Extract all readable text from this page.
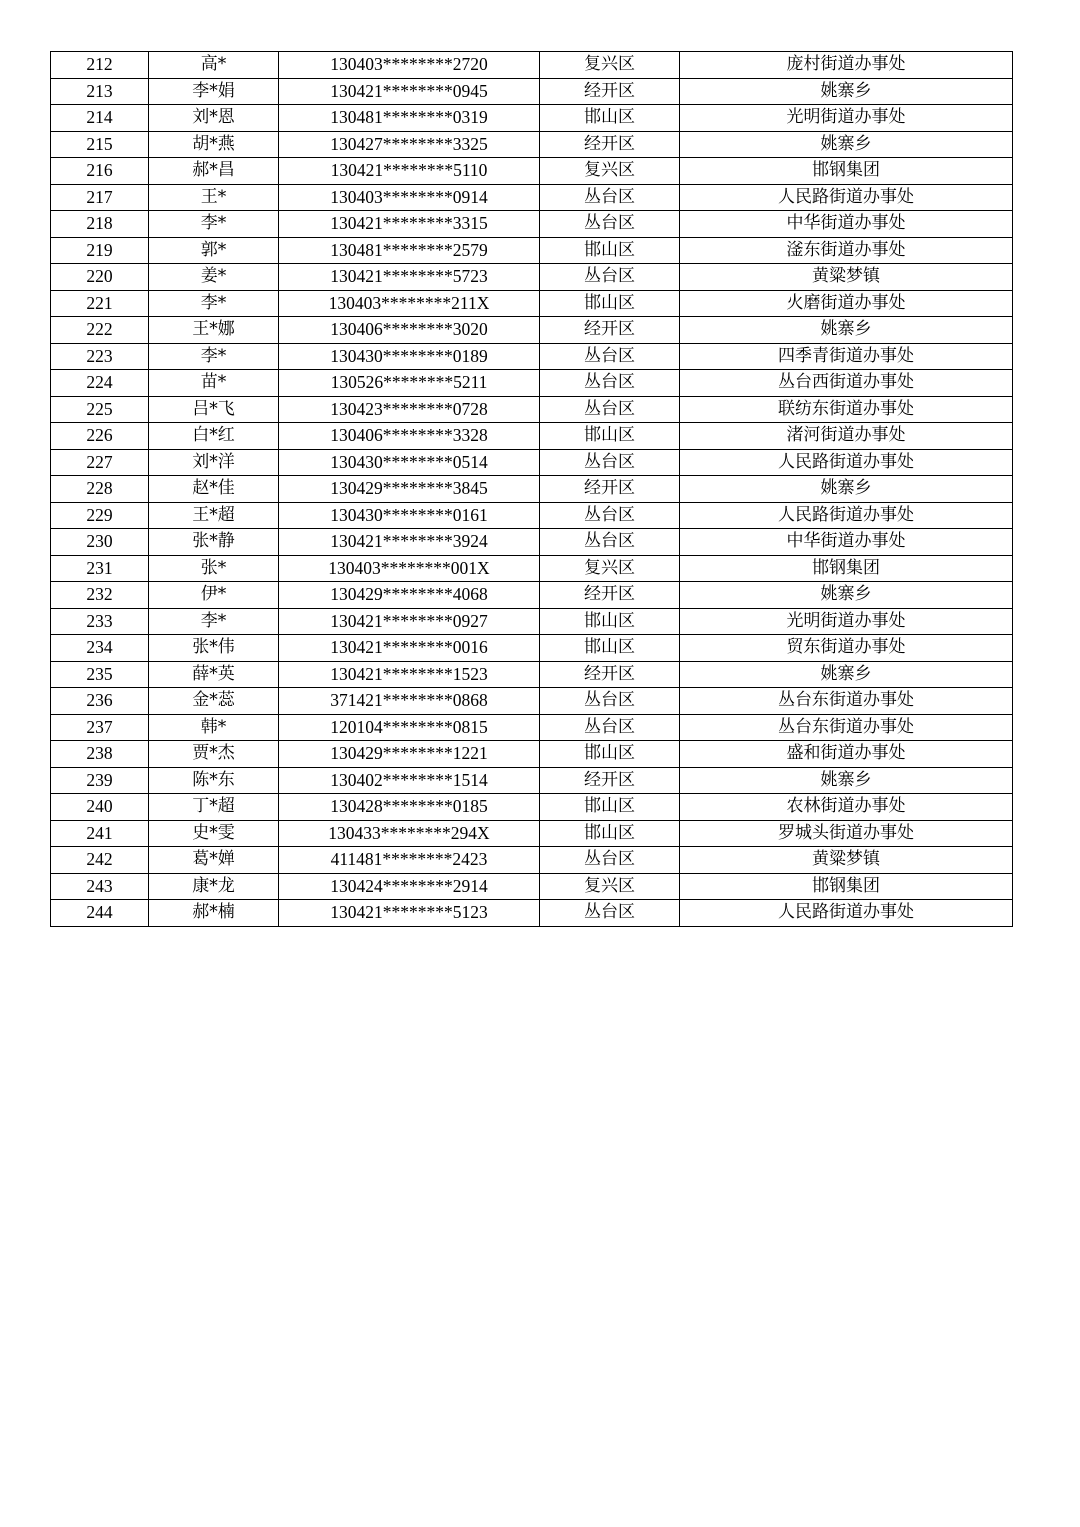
212	高*	130403********2720	复兴区	庞村街道办事处
213	李*娟	130421********0945	经开区	姚寨乡
214	刘*恩	130481********0319	邯山区	光明街道办事处
215	胡*燕	130427********3325	经开区	姚寨乡
216	郝*昌	130421********5110	复兴区	邯钢集团
217	王*	130403********0914	丛台区	人民路街道办事处
218	李*	130421********3315	丛台区	中华街道办事处
219	郭*	130481********2579	邯山区	滏东街道办事处
220	姜*	130421********5723	丛台区	黄粱梦镇
221	李*	130403********211X	邯山区	火磨街道办事处
222	王*娜	130406********3020	经开区	姚寨乡
223	李*	130430********0189	丛台区	四季青街道办事处
224	苗*	130526********5211	丛台区	丛台西街道办事处
225	吕*飞	130423********0728	丛台区	联纺东街道办事处
226	白*红	130406********3328	邯山区	渚河街道办事处
227	刘*洋	130430********0514	丛台区	人民路街道办事处
228	赵*佳	130429********3845	经开区	姚寨乡
229	王*超	130430********0161	丛台区	人民路街道办事处
230	张*静	130421********3924	丛台区	中华街道办事处
231	张*	130403********001X	复兴区	邯钢集团
232	伊*	130429********4068	经开区	姚寨乡
233	李*	130421********0927	邯山区	光明街道办事处
234	张*伟	130421********0016	邯山区	贸东街道办事处
235	薛*英	130421********1523	经开区	姚寨乡
236	金*蕊	371421********0868	丛台区	丛台东街道办事处
237	韩*	120104********0815	丛台区	丛台东街道办事处
238	贾*杰	130429********1221	邯山区	盛和街道办事处
239	陈*东	130402********1514	经开区	姚寨乡
240	丁*超	130428********0185	邯山区	农林街道办事处
241	史*雯	130433********294X	邯山区	罗城头街道办事处
242	葛*婵	411481********2423	丛台区	黄粱梦镇
243	康*龙	130424********2914	复兴区	邯钢集团
244	郝*楠	130421********5123	丛台区	人民路街道办事处
